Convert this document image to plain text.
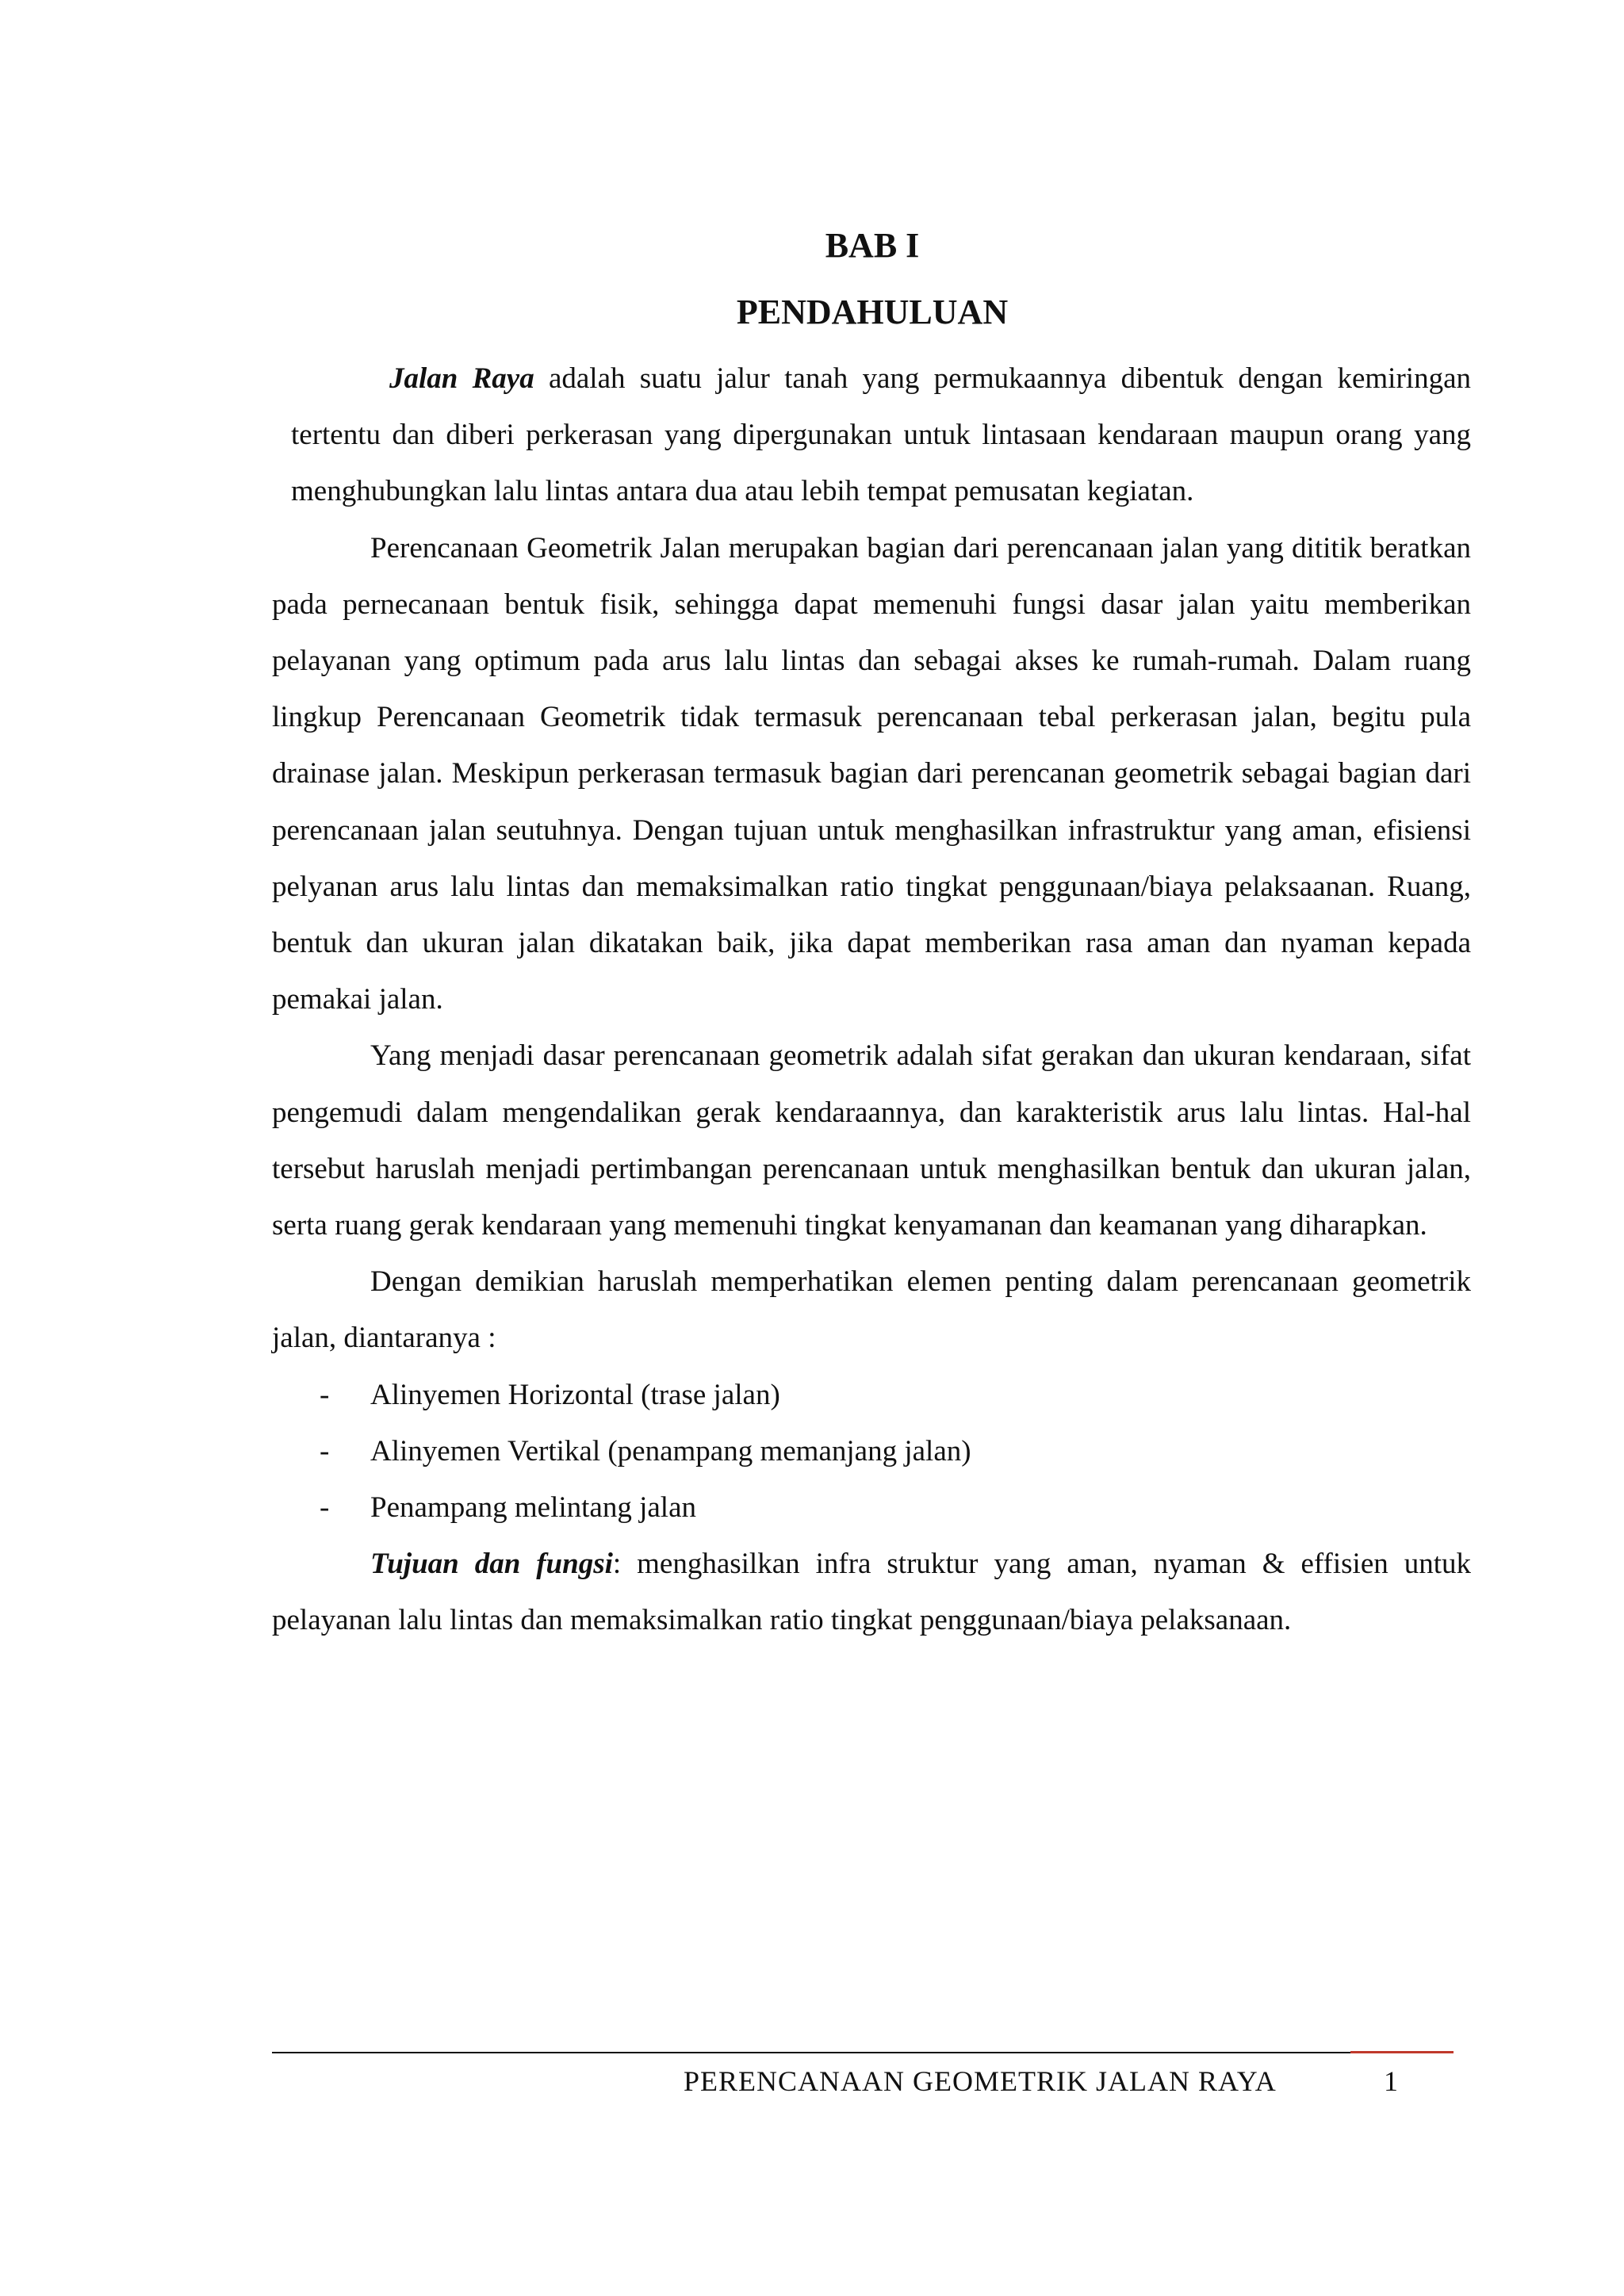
BAB I
PENDAHULUAN

Jalan Raya adalah suatu jalur tanah yang permukaannya dibentuk dengan kemiringan tertentu dan diberi perkerasan yang dipergunakan untuk lintasaan kendaraan maupun orang yang menghubungkan lalu lintas antara dua atau lebih tempat pemusatan kegiatan.

Perencanaan Geometrik Jalan merupakan bagian dari perencanaan jalan yang dititik beratkan pada pernecanaan bentuk fisik, sehingga dapat memenuhi fungsi dasar jalan yaitu memberikan pelayanan yang optimum pada arus lalu lintas dan sebagai akses ke rumah-rumah. Dalam ruang lingkup Perencanaan Geometrik tidak termasuk perencanaan tebal perkerasan jalan, begitu pula drainase jalan. Meskipun perkerasan termasuk bagian dari perencanan geometrik sebagai bagian dari perencanaan jalan seutuhnya. Dengan tujuan untuk menghasilkan infrastruktur yang aman, efisiensi pelyanan arus lalu lintas dan memaksimalkan ratio tingkat penggunaan/biaya pelaksaanan. Ruang, bentuk dan ukuran jalan dikatakan baik, jika dapat memberikan rasa aman dan nyaman kepada pemakai jalan.

Yang menjadi dasar perencanaan geometrik adalah sifat gerakan dan ukuran kendaraan, sifat pengemudi dalam mengendalikan gerak kendaraannya, dan karakteristik arus lalu lintas. Hal-hal tersebut haruslah menjadi pertimbangan perencanaan untuk menghasilkan bentuk dan ukuran jalan, serta ruang gerak kendaraan yang memenuhi tingkat kenyamanan dan keamanan yang diharapkan.

Dengan demikian haruslah memperhatikan elemen penting dalam perencanaan geometrik jalan, diantaranya :

- Alinyemen Horizontal (trase jalan)
- Alinyemen Vertikal (penampang memanjang jalan)
- Penampang melintang jalan

Tujuan dan fungsi: menghasilkan infra struktur yang aman, nyaman & effisien untuk pelayanan lalu lintas dan memaksimalkan ratio tingkat penggunaan/biaya pelaksanaan.

PERENCANAAN GEOMETRIK JALAN RAYA	1
